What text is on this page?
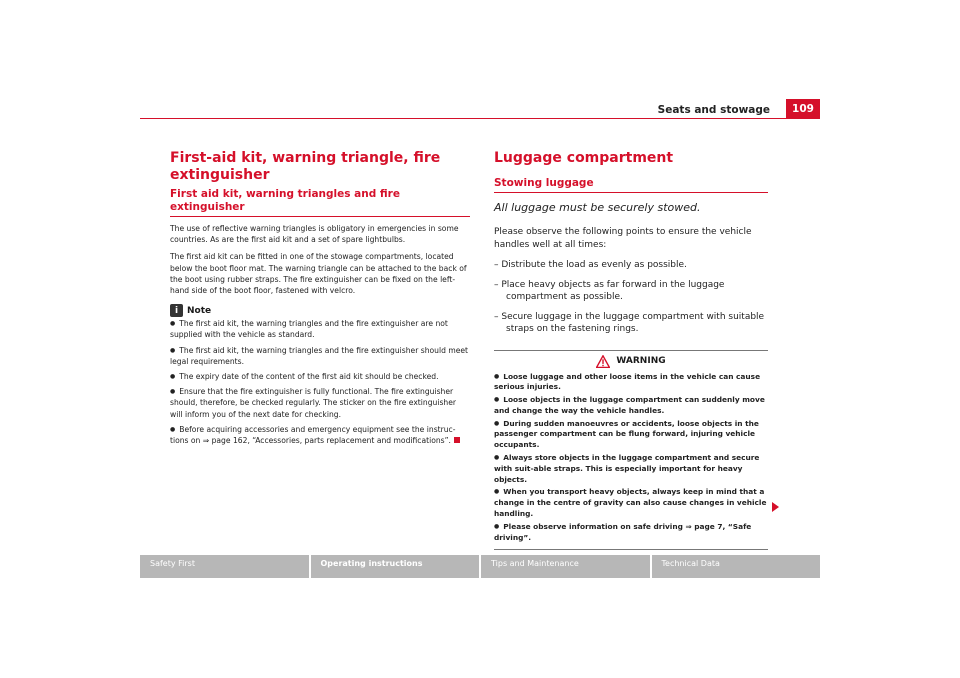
Seats and stowage	109
First-aid kit, warning triangle, fire extinguisher
First aid kit, warning triangles and fire extinguisher

The use of reflective warning triangles is obligatory in emergencies in some countries. As are the first aid kit and a set of spare lightbulbs.

The first aid kit can be fitted in one of the stowage compartments, located below the boot floor mat. The warning triangle can be attached to the back of the boot using rubber straps. The fire extinguisher can be fixed on the left-hand side of the boot floor, fastened with velcro.

i Note
● The first aid kit, the warning triangles and the fire extinguisher are not supplied with the vehicle as standard.
● The first aid kit, the warning triangles and the fire extinguisher should meet legal requirements.
● The expiry date of the content of the first aid kit should be checked.
● Ensure that the fire extinguisher is fully functional. The fire extinguisher should, therefore, be checked regularly. The sticker on the fire extinguisher will inform you of the next date for checking.
● Before acquiring accessories and emergency equipment see the instruc-tions on ⇒ page 162, “Accessories, parts replacement and modifications”.
Luggage compartment
Stowing luggage
All luggage must be securely stowed.

Please observe the following points to ensure the vehicle handles well at all times:

– Distribute the load as evenly as possible.
– Place heavy objects as far forward in the luggage compartment as possible.
– Secure luggage in the luggage compartment with suitable straps on the fastening rings.
WARNING
● Loose luggage and other loose items in the vehicle can cause serious injuries.
● Loose objects in the luggage compartment can suddenly move and change the way the vehicle handles.
● During sudden manoeuvres or accidents, loose objects in the passenger compartment can be flung forward, injuring vehicle occupants.
● Always store objects in the luggage compartment and secure with suit-able straps. This is especially important for heavy objects.
● When you transport heavy objects, always keep in mind that a change in the centre of gravity can also cause changes in vehicle handling.
● Please observe information on safe driving ⇒ page 7, “Safe driving”.
Safety First	Operating instructions	Tips and Maintenance	Technical Data
